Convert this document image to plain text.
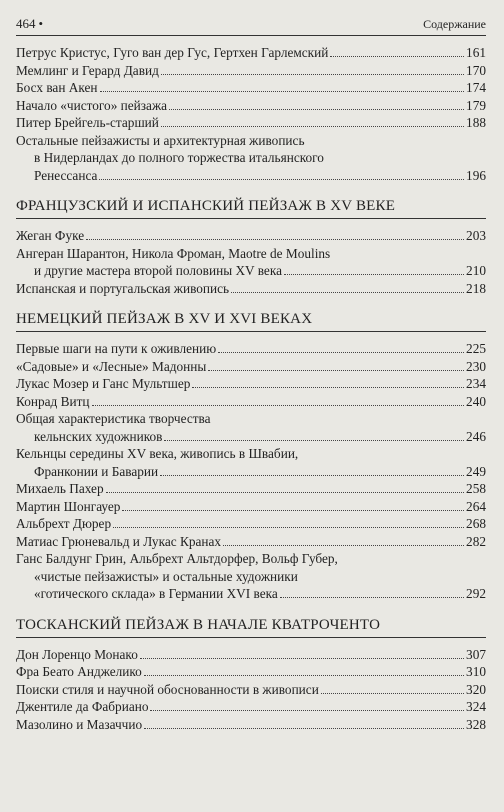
464 •	Содержание
Петрус Кристус, Гуго ван дер Гус, Гертхен Гарлемский	161
Мемлинг и Герард Давид	170
Босх ван Акен	174
Начало «чистого» пейзажа	179
Питер Брейгель-старший	188
Остальные пейзажисты и архитектурная живопись
в Нидерландах до полного торжества итальянского
Ренессанса	196
ФРАНЦУЗСКИЙ И ИСПАНСКИЙ ПЕЙЗАЖ В XV ВЕКЕ
Жеган Фуке	203
Ангеран Шарантон, Никола Фроман, Maotre de Moulins
и другие мастера второй половины XV века	210
Испанская и португальская живопись	218
НЕМЕЦКИЙ ПЕЙЗАЖ В XV И XVI ВЕКАХ
Первые шаги на пути к оживлению	225
«Садовые» и «Лесные» Мадонны	230
Лукас Мозер и Ганс Мультшер	234
Конрад Витц	240
Общая характеристика творчества
кельнских художников	246
Кельнцы середины XV века, живопись в Швабии,
Франконии и Баварии	249
Михаель Пахер	258
Мартин Шонгауер	264
Альбрехт Дюрер	268
Матиас Грюневальд и Лукас Кранах	282
Ганс Балдунг Грин, Альбрехт Альтдорфер, Вольф Губер,
«чистые пейзажисты» и остальные художники
«готического склада» в Германии XVI века	292
ТОСКАНСКИЙ ПЕЙЗАЖ В НАЧАЛЕ КВАТРОЧЕНТО
Дон Лоренцо Монако	307
Фра Беато Анджелико	310
Поиски стиля и научной обоснованности в живописи	320
Джентиле да Фабриано	324
Мазолино и Мазаччио	328
